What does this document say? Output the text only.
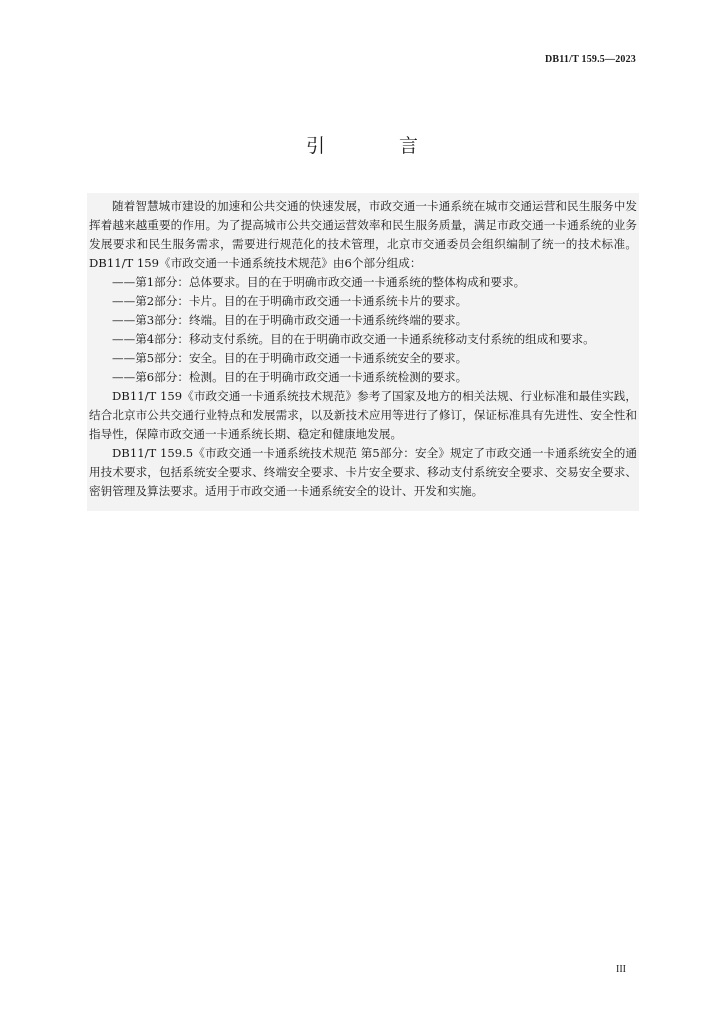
DB11/T 159.5—2023
引 言

随着智慧城市建设的加速和公共交通的快速发展，市政交通一卡通系统在城市交通运营和民生服务中发挥着越来越重要的作用。为了提高城市公共交通运营效率和民生服务质量，满足市政交通一卡通系统的业务发展要求和民生服务需求，需要进行规范化的技术管理，北京市交通委员会组织编制了统一的技术标准。DB11/T 159《市政交通一卡通系统技术规范》由6个部分组成：

——第1部分：总体要求。目的在于明确市政交通一卡通系统的整体构成和要求。

——第2部分：卡片。目的在于明确市政交通一卡通系统卡片的要求。

——第3部分：终端。目的在于明确市政交通一卡通系统终端的要求。

——第4部分：移动支付系统。目的在于明确市政交通一卡通系统移动支付系统的组成和要求。

——第5部分：安全。目的在于明确市政交通一卡通系统安全的要求。

——第6部分：检测。目的在于明确市政交通一卡通系统检测的要求。

DB11/T 159《市政交通一卡通系统技术规范》参考了国家及地方的相关法规、行业标准和最佳实践，结合北京市公共交通行业特点和发展需求，以及新技术应用等进行了修订，保证标准具有先进性、安全性和指导性，保障市政交通一卡通系统长期、稳定和健康地发展。

DB11/T 159.5《市政交通一卡通系统技术规范 第5部分：安全》规定了市政交通一卡通系统安全的通用技术要求，包括系统安全要求、终端安全要求、卡片安全要求、移动支付系统安全要求、交易安全要求、密钥管理及算法要求。适用于市政交通一卡通系统安全的设计、开发和实施。

III
